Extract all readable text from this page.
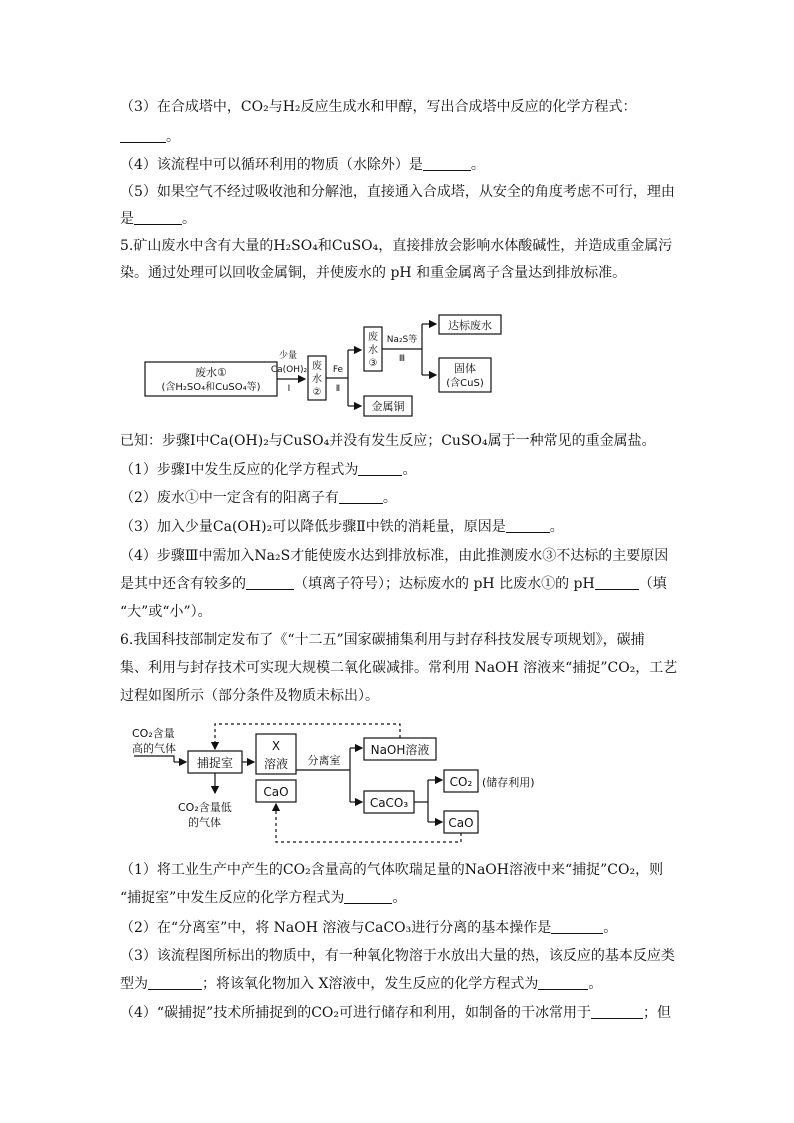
（3）在合成塔中，CO₂与H₂反应生成水和甲醇，写出合成塔中反应的化学方程式：
。
（4）该流程中可以循环利用的物质（水除外）是	。
（5）如果空气不经过吸收池和分解池，直接通入合成塔，从安全的角度考虑不可行，理由
是	。
5.矿山废水中含有大量的H₂SO₄和CuSO₄，直接排放会影响水体酸碱性，并造成重金属污
染。通过处理可以回收金属铜，并使废水的 pH 和重金属离子含量达到排放标准。
废水①
(含H₂SO₄和CuSO₄等)
少量
Ca(OH)₂
Ⅰ
废
水
②
Fe
Ⅱ
金属铜
废
水
③
Na₂S等
Ⅲ
达标废水
固体
(含CuS)
已知：步骤Ⅰ中Ca(OH)₂与CuSO₄并没有发生反应；CuSO₄属于一种常见的重金属盐。
（1）步骤Ⅰ中发生反应的化学方程式为	。
（2）废水①中一定含有的阳离子有	。
（3）加入少量Ca(OH)₂可以降低步骤Ⅱ中铁的消耗量，原因是	。
（4）步骤Ⅲ中需加入Na₂S才能使废水达到排放标准，由此推测废水③不达标的主要原因
是其中还含有较多的	（填离子符号）；达标废水的 pH 比废水①的 pH	（填
“大”或“小”）。
6.我国科技部制定发布了《“十二五”国家碳捕集利用与封存科技发展专项规划》，碳捕
集、利用与封存技术可实现大规模二氧化碳减排。常利用 NaOH 溶液来“捕捉”CO₂，工艺
过程如图所示（部分条件及物质未标出）。
CO₂含量
高的气体
捕捉室
X
溶液
CaO
CO₂含量低
的气体
分离室
NaOH溶液
CaCO₃
CO₂ (储存利用)
CaO
（1）将工业生产中产生的CO₂含量高的气体吹瑞足量的NaOH溶液中来“捕捉”CO₂，则
“捕捉室”中发生反应的化学方程式为	。
（2）在“分离室”中，将 NaOH 溶液与CaCO₃进行分离的基本操作是	。
（3）该流程图所标出的物质中，有一种氧化物溶于水放出大量的热，该反应的基本反应类
型为	；将该氧化物加入 X溶液中，发生反应的化学方程式为	。
（4）“碳捕捉”技术所捕捉到的CO₂可进行储存和利用，如制备的干冰常用于	；但
